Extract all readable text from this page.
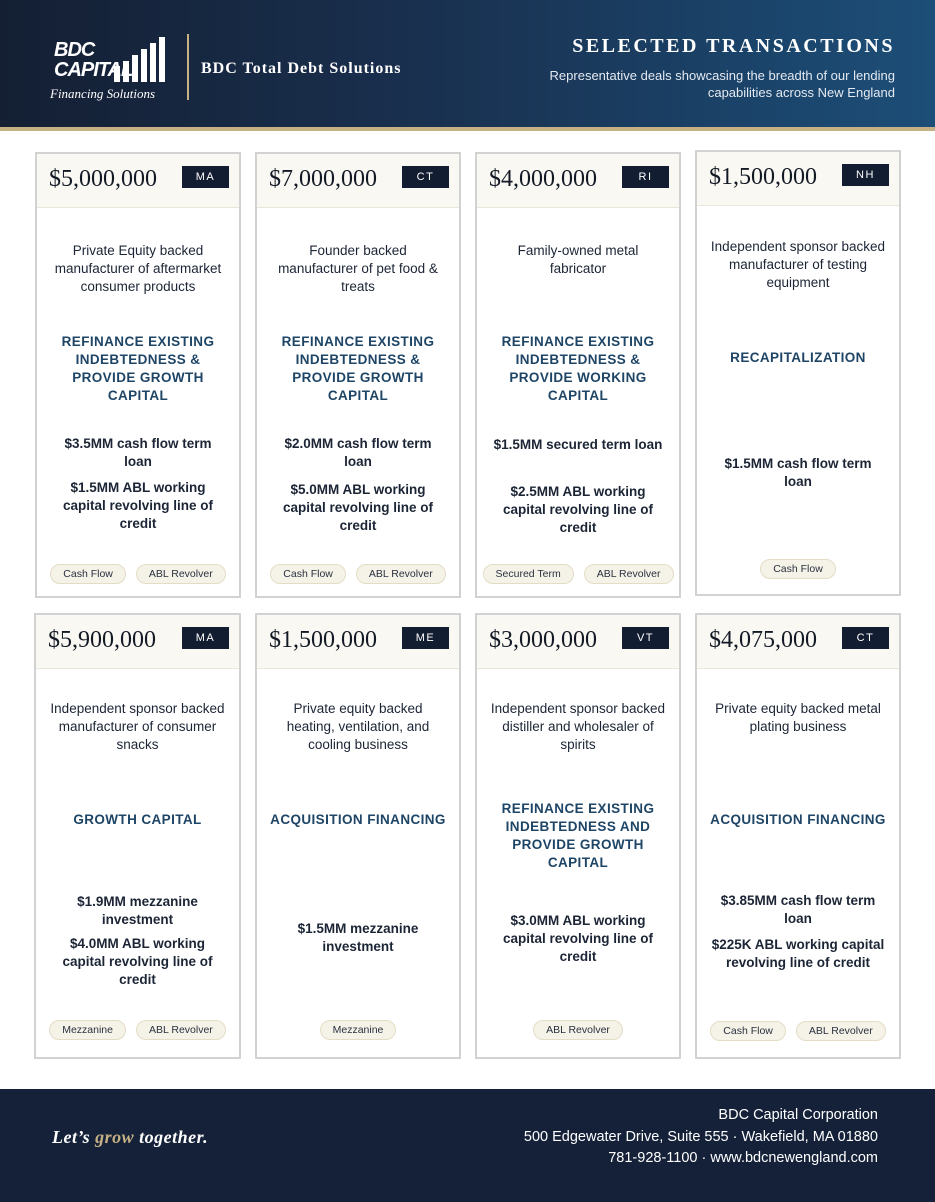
BDC
CAPITAL
Financing Solutions
BDC Total Debt Solutions
SELECTED TRANSACTIONS
Representative deals showcasing the breadth of our lending capabilities across New England
$5,000,000	MA
Private Equity backed manufacturer of aftermarket consumer products
REFINANCE EXISTING INDEBTEDNESS & PROVIDE GROWTH CAPITAL
$3.5MM cash flow term loan
$1.5MM ABL working capital revolving line of credit
Cash Flow	ABL Revolver
$7,000,000	CT
Founder backed manufacturer of pet food & treats
REFINANCE EXISTING INDEBTEDNESS & PROVIDE GROWTH CAPITAL
$2.0MM cash flow term loan
$5.0MM ABL working capital revolving line of credit
Cash Flow	ABL Revolver
$4,000,000	RI
Family-owned metal fabricator
REFINANCE EXISTING INDEBTEDNESS & PROVIDE WORKING CAPITAL
$1.5MM secured term loan
$2.5MM ABL working capital revolving line of credit
Secured Term	ABL Revolver
$1,500,000	NH
Independent sponsor backed manufacturer of testing equipment
RECAPITALIZATION
$1.5MM cash flow term loan
Cash Flow
$5,900,000	MA
Independent sponsor backed manufacturer of consumer snacks
GROWTH CAPITAL
$1.9MM mezzanine investment
$4.0MM ABL working capital revolving line of credit
Mezzanine	ABL Revolver
$1,500,000	ME
Private equity backed heating, ventilation, and cooling business
ACQUISITION FINANCING
$1.5MM mezzanine investment
Mezzanine
$3,000,000	VT
Independent sponsor backed distiller and wholesaler of spirits
REFINANCE EXISTING INDEBTEDNESS AND PROVIDE GROWTH CAPITAL
$3.0MM ABL working capital revolving line of credit
ABL Revolver
$4,075,000	CT
Private equity backed metal plating business
ACQUISITION FINANCING
$3.85MM cash flow term loan
$225K ABL working capital revolving line of credit
Cash Flow	ABL Revolver
Let’s grow together.
BDC Capital Corporation
500 Edgewater Drive, Suite 555 · Wakefield, MA 01880
781-928-1100 · www.bdcnewengland.com
